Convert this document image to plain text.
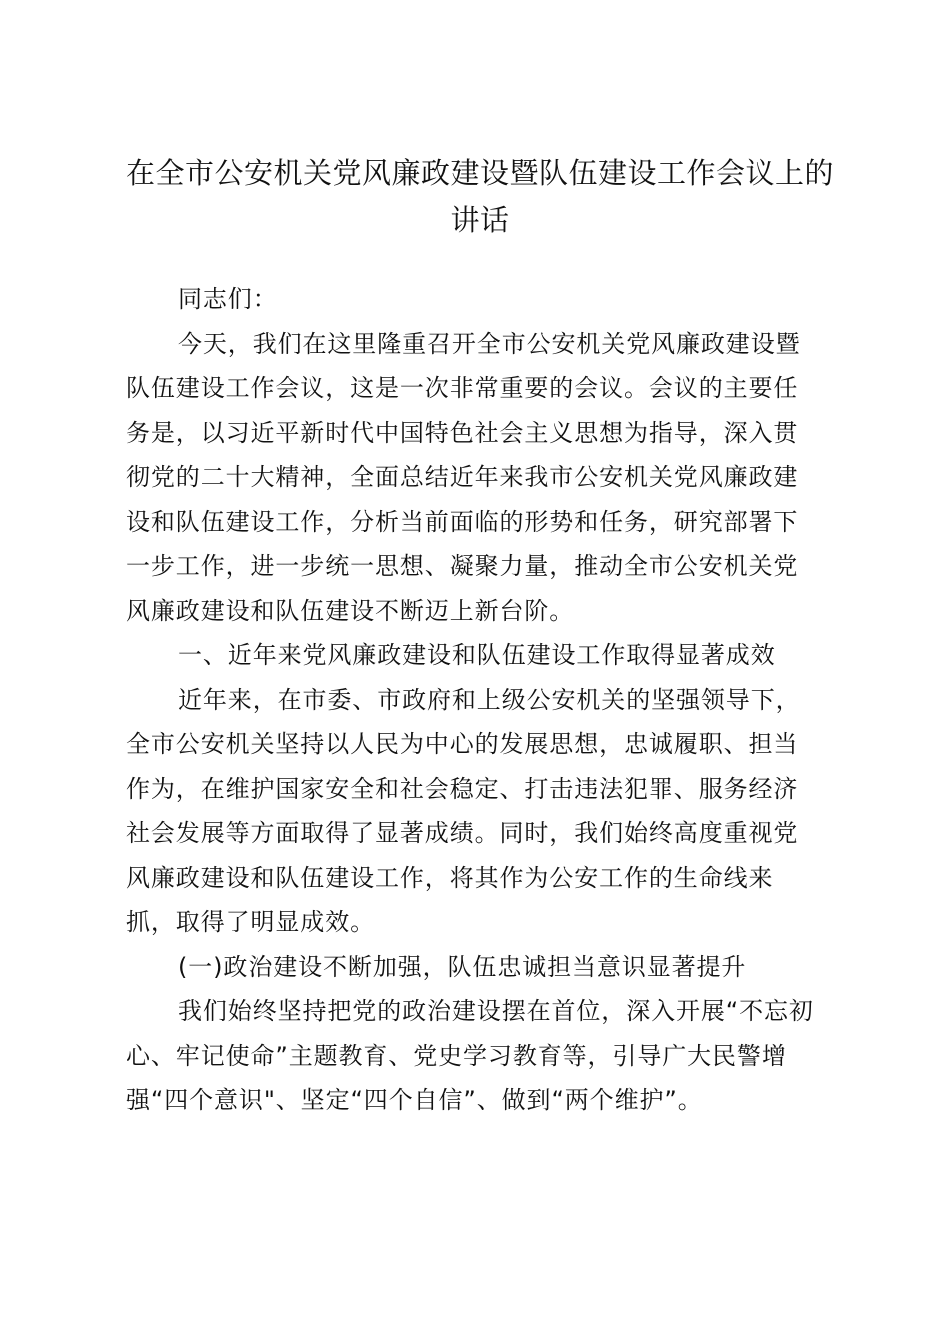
在全市公安机关党风廉政建设暨队伍建设工作会议上的
讲话
同志们：
今天，我们在这里隆重召开全市公安机关党风廉政建设暨
队伍建设工作会议，这是一次非常重要的会议。会议的主要任
务是，以习近平新时代中国特色社会主义思想为指导，深入贯
彻党的二十大精神，全面总结近年来我市公安机关党风廉政建
设和队伍建设工作，分析当前面临的形势和任务，研究部署下
一步工作，进一步统一思想、凝聚力量，推动全市公安机关党
风廉政建设和队伍建设不断迈上新台阶。
一、近年来党风廉政建设和队伍建设工作取得显著成效
近年来，在市委、市政府和上级公安机关的坚强领导下，
全市公安机关坚持以人民为中心的发展思想，忠诚履职、担当
作为，在维护国家安全和社会稳定、打击违法犯罪、服务经济
社会发展等方面取得了显著成绩。同时，我们始终高度重视党
风廉政建设和队伍建设工作，将其作为公安工作的生命线来
抓，取得了明显成效。
(一)政治建设不断加强，队伍忠诚担当意识显著提升
我们始终坚持把党的政治建设摆在首位，深入开展“不忘初
心、牢记使命”主题教育、党史学习教育等，引导广大民警增
强“四个意识"、坚定“四个自信”、做到“两个维护”。
